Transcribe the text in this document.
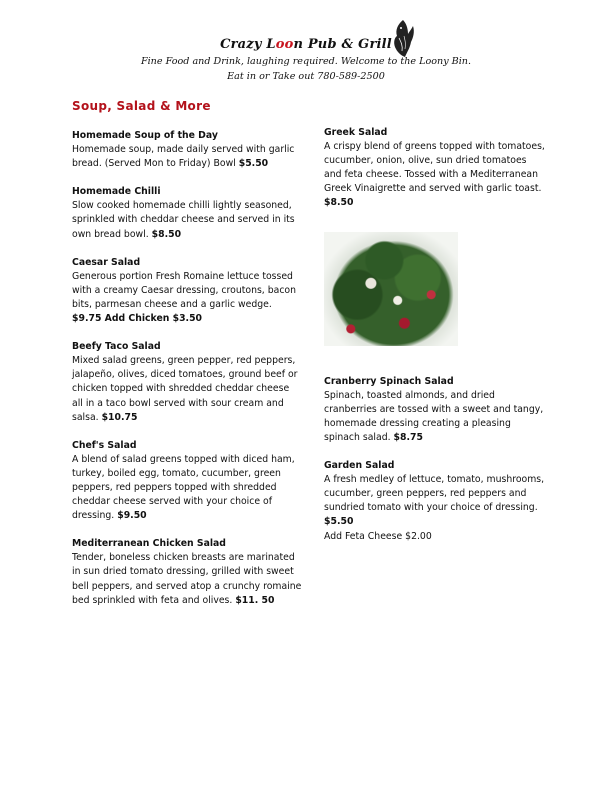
Crazy Loon Pub & Grill
Fine Food and Drink, laughing required. Welcome to the Loony Bin.
Eat in or Take out 780-589-2500
Soup, Salad & More
Homemade Soup of the Day
Homemade soup, made daily served with garlic bread. (Served Mon to Friday) Bowl $5.50
Homemade Chilli
Slow cooked homemade chilli lightly seasoned, sprinkled with cheddar cheese and served in its own bread bowl. $8.50
Caesar Salad
Generous portion Fresh Romaine lettuce tossed with a creamy Caesar dressing, croutons, bacon bits, parmesan cheese and a garlic wedge. $9.75 Add Chicken $3.50
Beefy Taco Salad
Mixed salad greens, green pepper, red peppers, jalapeño, olives, diced tomatoes, ground beef or chicken topped with shredded cheddar cheese all in a taco bowl served with sour cream and salsa. $10.75
Chef's Salad
A blend of salad greens topped with diced ham, turkey, boiled egg, tomato, cucumber, green peppers, red peppers topped with shredded cheddar cheese served with your choice of dressing. $9.50
Mediterranean Chicken Salad
Tender, boneless chicken breasts are marinated in sun dried tomato dressing, grilled with sweet bell peppers, and served atop a crunchy romaine bed sprinkled with feta and olives. $11. 50
Greek Salad
A crispy blend of greens topped with tomatoes, cucumber, onion, olive, sun dried tomatoes and feta cheese. Tossed with a Mediterranean Greek Vinaigrette and served with garlic toast. $8.50
Cranberry Spinach Salad
Spinach, toasted almonds, and dried cranberries are tossed with a sweet and tangy, homemade dressing creating a pleasing spinach salad. $8.75
Garden Salad
A fresh medley of lettuce, tomato, mushrooms, cucumber, green peppers, red peppers and sundried tomato with your choice of dressing. $5.50
Add Feta Cheese $2.00
